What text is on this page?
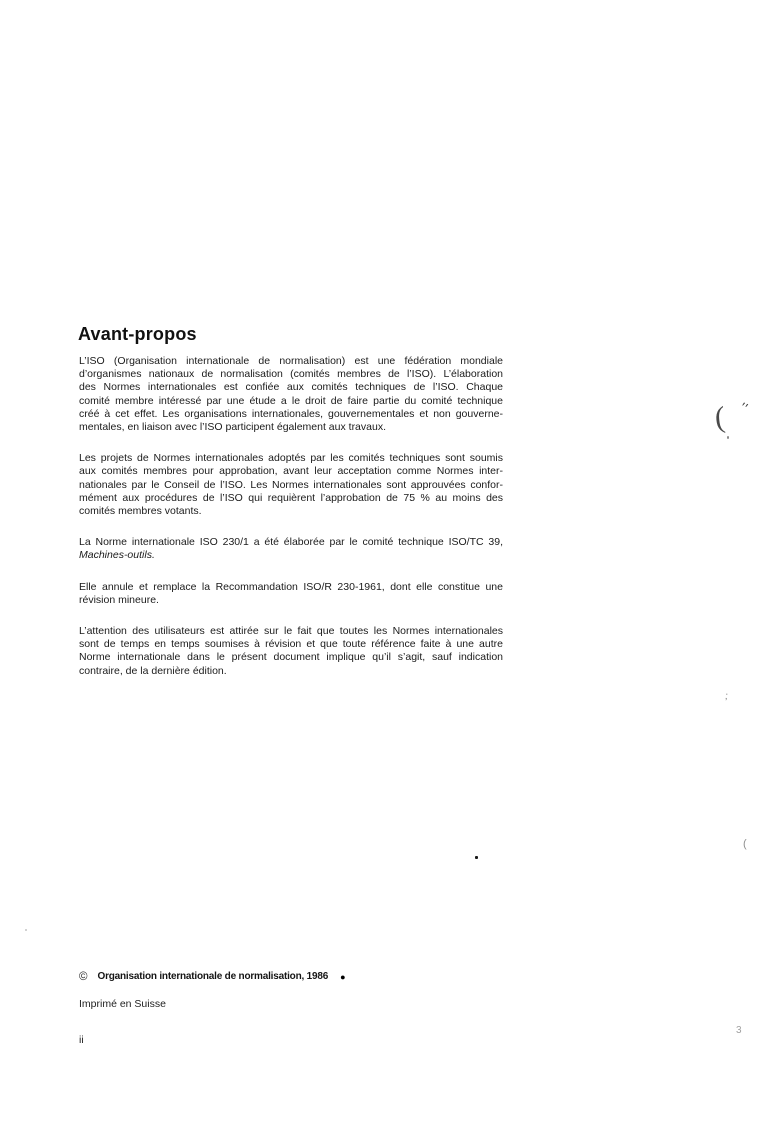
Avant-propos

L’ISO (Organisation internationale de normalisation) est une fédération mondiale
d’organismes nationaux de normalisation (comités membres de l’ISO). L’élaboration
des Normes internationales est confiée aux comités techniques de l’ISO. Chaque
comité membre intéressé par une étude a le droit de faire partie du comité technique
créé à cet effet. Les organisations internationales, gouvernementales et non gouverne-
mentales, en liaison avec l’ISO participent également aux travaux.

Les projets de Normes internationales adoptés par les comités techniques sont soumis
aux comités membres pour approbation, avant leur acceptation comme Normes inter-
nationales par le Conseil de l’ISO. Les Normes internationales sont approuvées confor-
mément aux procédures de l’ISO qui requièrent l’approbation de 75 % au moins des
comités membres votants.

La Norme internationale ISO 230/1 a été élaborée par le comité technique ISO/TC 39,
Machines-outils.

Elle annule et remplace la Recommandation ISO/R 230-1961, dont elle constitue une
révision mineure.

L’attention des utilisateurs est attirée sur le fait que toutes les Normes internationales
sont de temps en temps soumises à révision et que toute référence faite à une autre
Norme internationale dans le présent document implique qu’il s’agit, sauf indication
contraire, de la dernière édition.

© Organisation internationale de normalisation, 1986 ●
Imprimé en Suisse
ii
( ′′
;
(
3
